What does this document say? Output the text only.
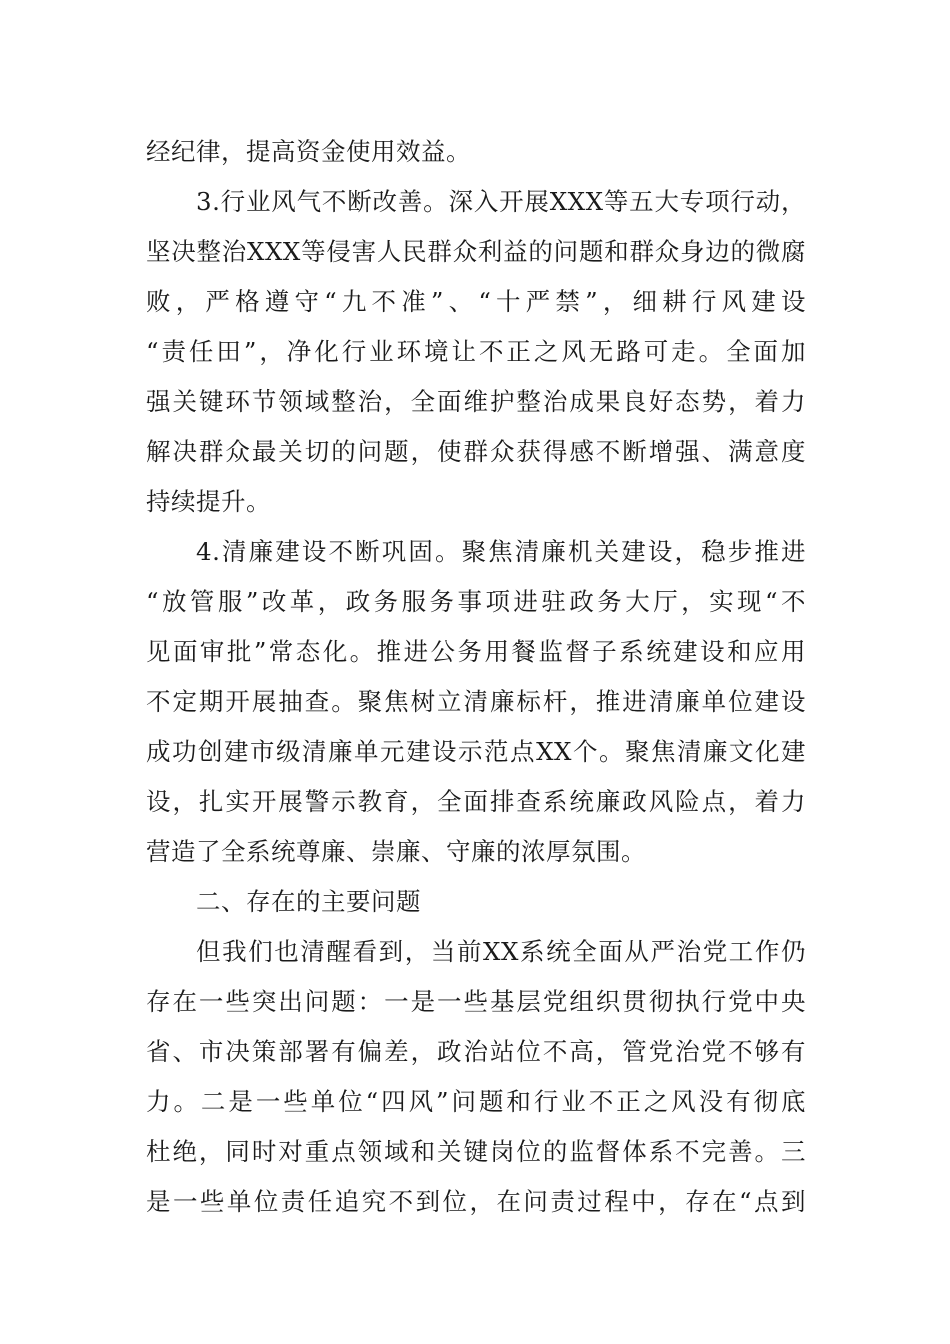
经纪律，提高资金使用效益。
3.行业风气不断改善。深入开展XXX等五大专项行动，
坚决整治XXX等侵害人民群众利益的问题和群众身边的微腐
败，严格遵守“九不准”、“十严禁”，细耕行风建设
“责任田”，净化行业环境让不正之风无路可走。全面加
强关键环节领域整治，全面维护整治成果良好态势，着力
解决群众最关切的问题，使群众获得感不断增强、满意度
持续提升。
4.清廉建设不断巩固。聚焦清廉机关建设，稳步推进
“放管服”改革，政务服务事项进驻政务大厅，实现“不
见面审批”常态化。推进公务用餐监督子系统建设和应用
不定期开展抽查。聚焦树立清廉标杆，推进清廉单位建设
成功创建市级清廉单元建设示范点XX个。聚焦清廉文化建
设，扎实开展警示教育，全面排查系统廉政风险点，着力
营造了全系统尊廉、崇廉、守廉的浓厚氛围。
二、存在的主要问题
但我们也清醒看到，当前XX系统全面从严治党工作仍
存在一些突出问题：一是一些基层党组织贯彻执行党中央
省、市决策部署有偏差，政治站位不高，管党治党不够有
力。二是一些单位“四风”问题和行业不正之风没有彻底
杜绝，同时对重点领域和关键岗位的监督体系不完善。三
是一些单位责任追究不到位，在问责过程中，存在“点到
